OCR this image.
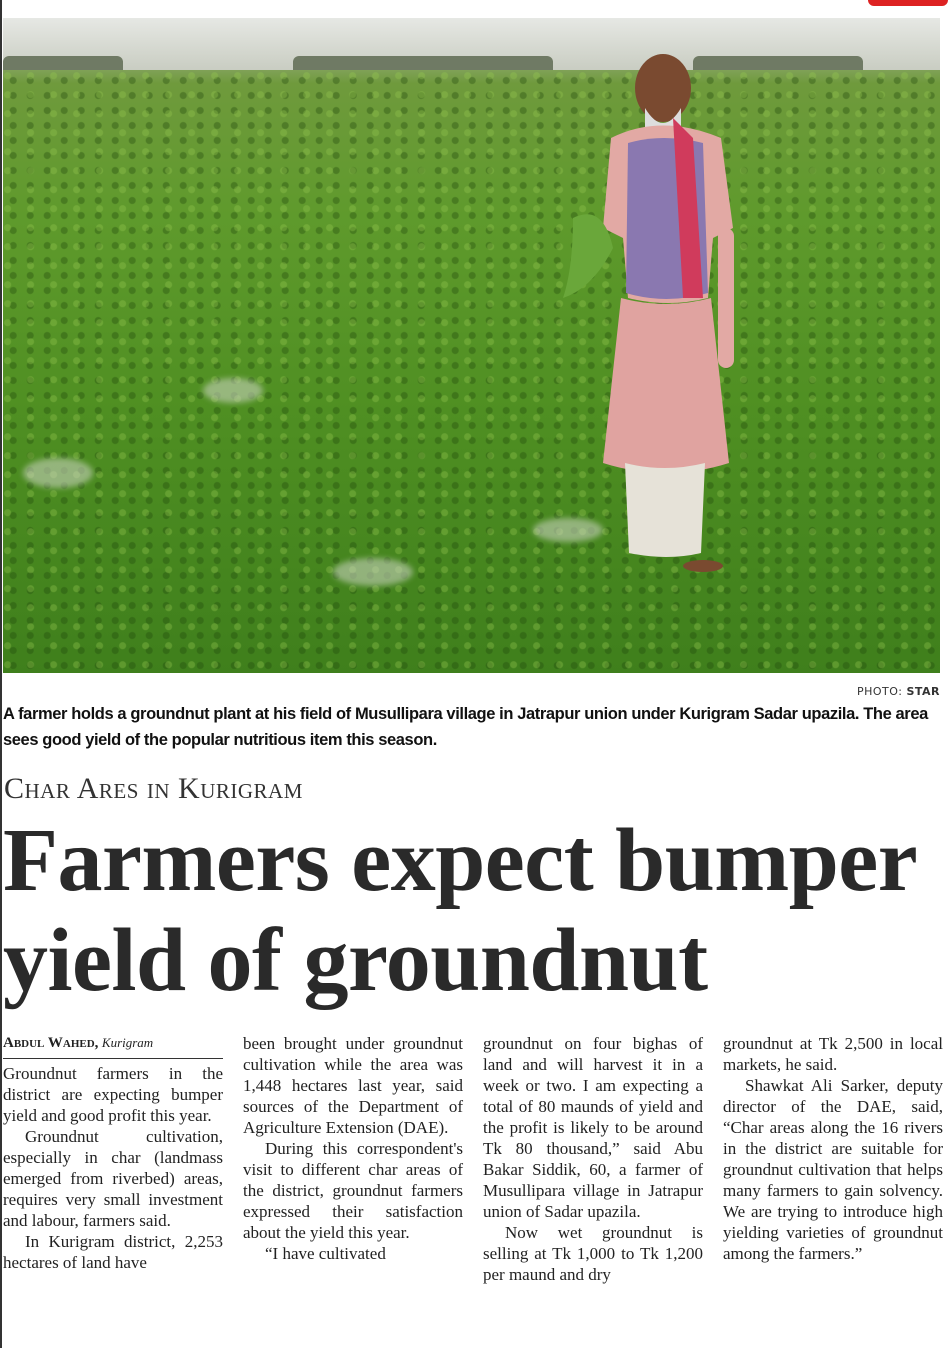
PHOTO: STAR
A farmer holds a groundnut plant at his field of Musullipara village in Jatrapur union under Kurigram Sadar upazila. The area sees good yield of the popular nutritious item this season.
Char Ares in Kurigram
Farmers expect bumper yield of groundnut
Abdul Wahed, Kurigram

Groundnut farmers in the district are expecting bumper yield and good profit this year.

Groundnut cultivation, especially in char (landmass emerged from riverbed) areas, requires very small investment and labour, farmers said.

In Kurigram district, 2,253 hectares of land have

been brought under groundnut cultivation while the area was 1,448 hectares last year, said sources of the Department of Agriculture Extension (DAE).

During this correspondent's visit to different char areas of the district, groundnut farmers expressed their satisfaction about the yield this year.

“I have cultivated

groundnut on four bighas of land and will harvest it in a week or two. I am expecting a total of 80 maunds of yield and the profit is likely to be around Tk 80 thousand,” said Abu Bakar Siddik, 60, a farmer of Musullipara village in Jatrapur union of Sadar upazila.

Now wet groundnut is selling at Tk 1,000 to Tk 1,200 per maund and dry

groundnut at Tk 2,500 in local markets, he said.

Shawkat Ali Sarker, deputy director of the DAE, said, “Char areas along the 16 rivers in the district are suitable for groundnut cultivation that helps many farmers to gain solvency. We are trying to introduce high yielding varieties of groundnut among the farmers.”
